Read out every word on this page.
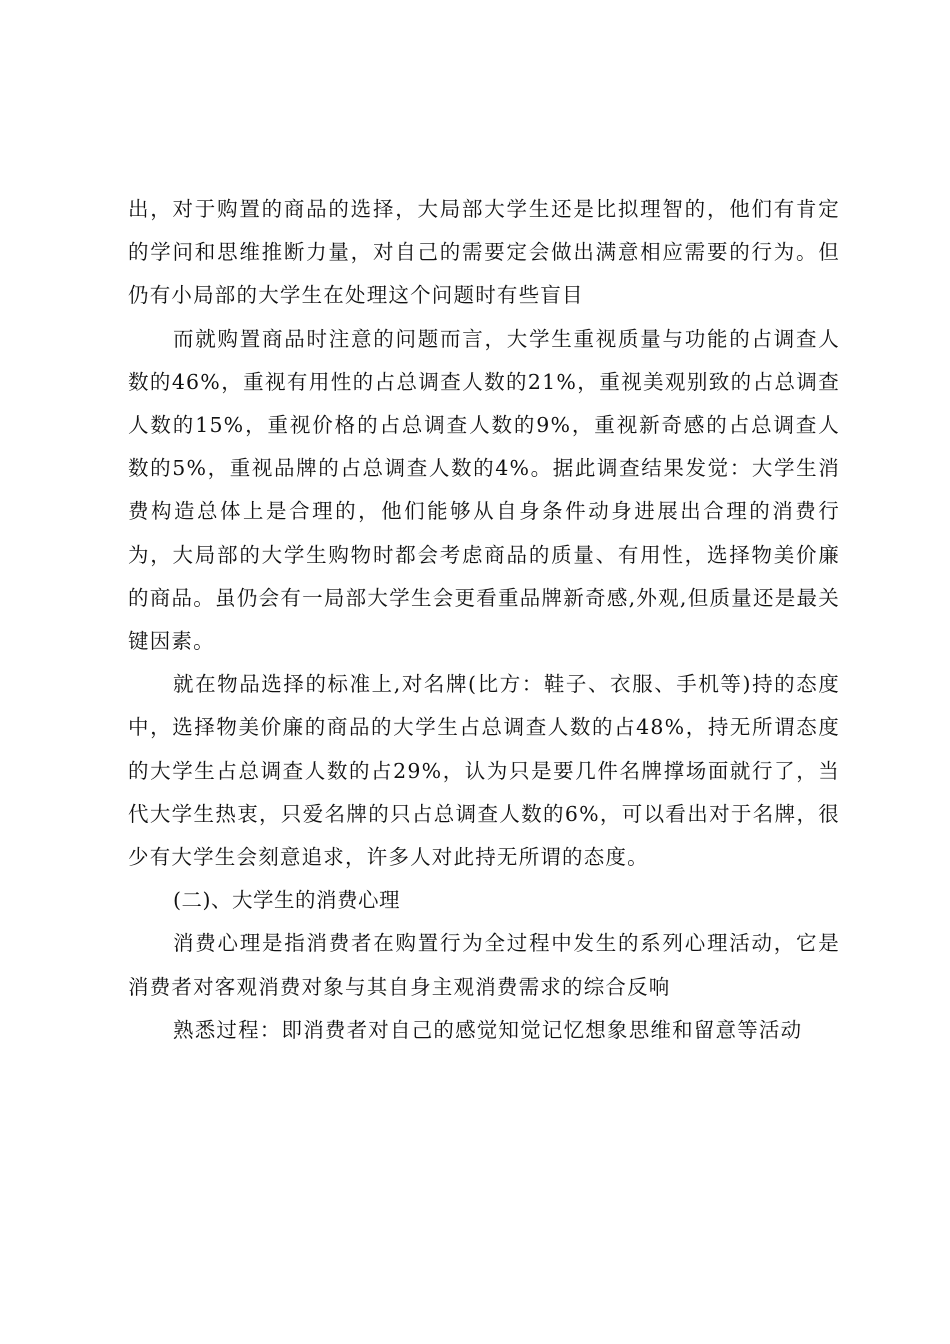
出，对于购置的商品的选择，大局部大学生还是比拟理智的，他们有肯定的学问和思维推断力量，对自己的需要定会做出满意相应需要的行为。但仍有小局部的大学生在处理这个问题时有些盲目

而就购置商品时注意的问题而言，大学生重视质量与功能的占调查人数的46%，重视有用性的占总调查人数的21%，重视美观别致的占总调查人数的15%，重视价格的占总调查人数的9%，重视新奇感的占总调查人数的5%，重视品牌的占总调查人数的4%。据此调查结果发觉：大学生消费构造总体上是合理的，他们能够从自身条件动身进展出合理的消费行为，大局部的大学生购物时都会考虑商品的质量、有用性，选择物美价廉的商品。虽仍会有一局部大学生会更看重品牌新奇感,外观,但质量还是最关键因素。

就在物品选择的标准上,对名牌(比方：鞋子、衣服、手机等)持的态度中，选择物美价廉的商品的大学生占总调查人数的占48%，持无所谓态度的大学生占总调查人数的占29%，认为只是要几件名牌撑场面就行了，当代大学生热衷，只爱名牌的只占总调查人数的6%，可以看出对于名牌，很少有大学生会刻意追求，许多人对此持无所谓的态度。

(二)、大学生的消费心理

消费心理是指消费者在购置行为全过程中发生的系列心理活动，它是消费者对客观消费对象与其自身主观消费需求的综合反响

熟悉过程：即消费者对自己的感觉知觉记忆想象思维和留意等活动
